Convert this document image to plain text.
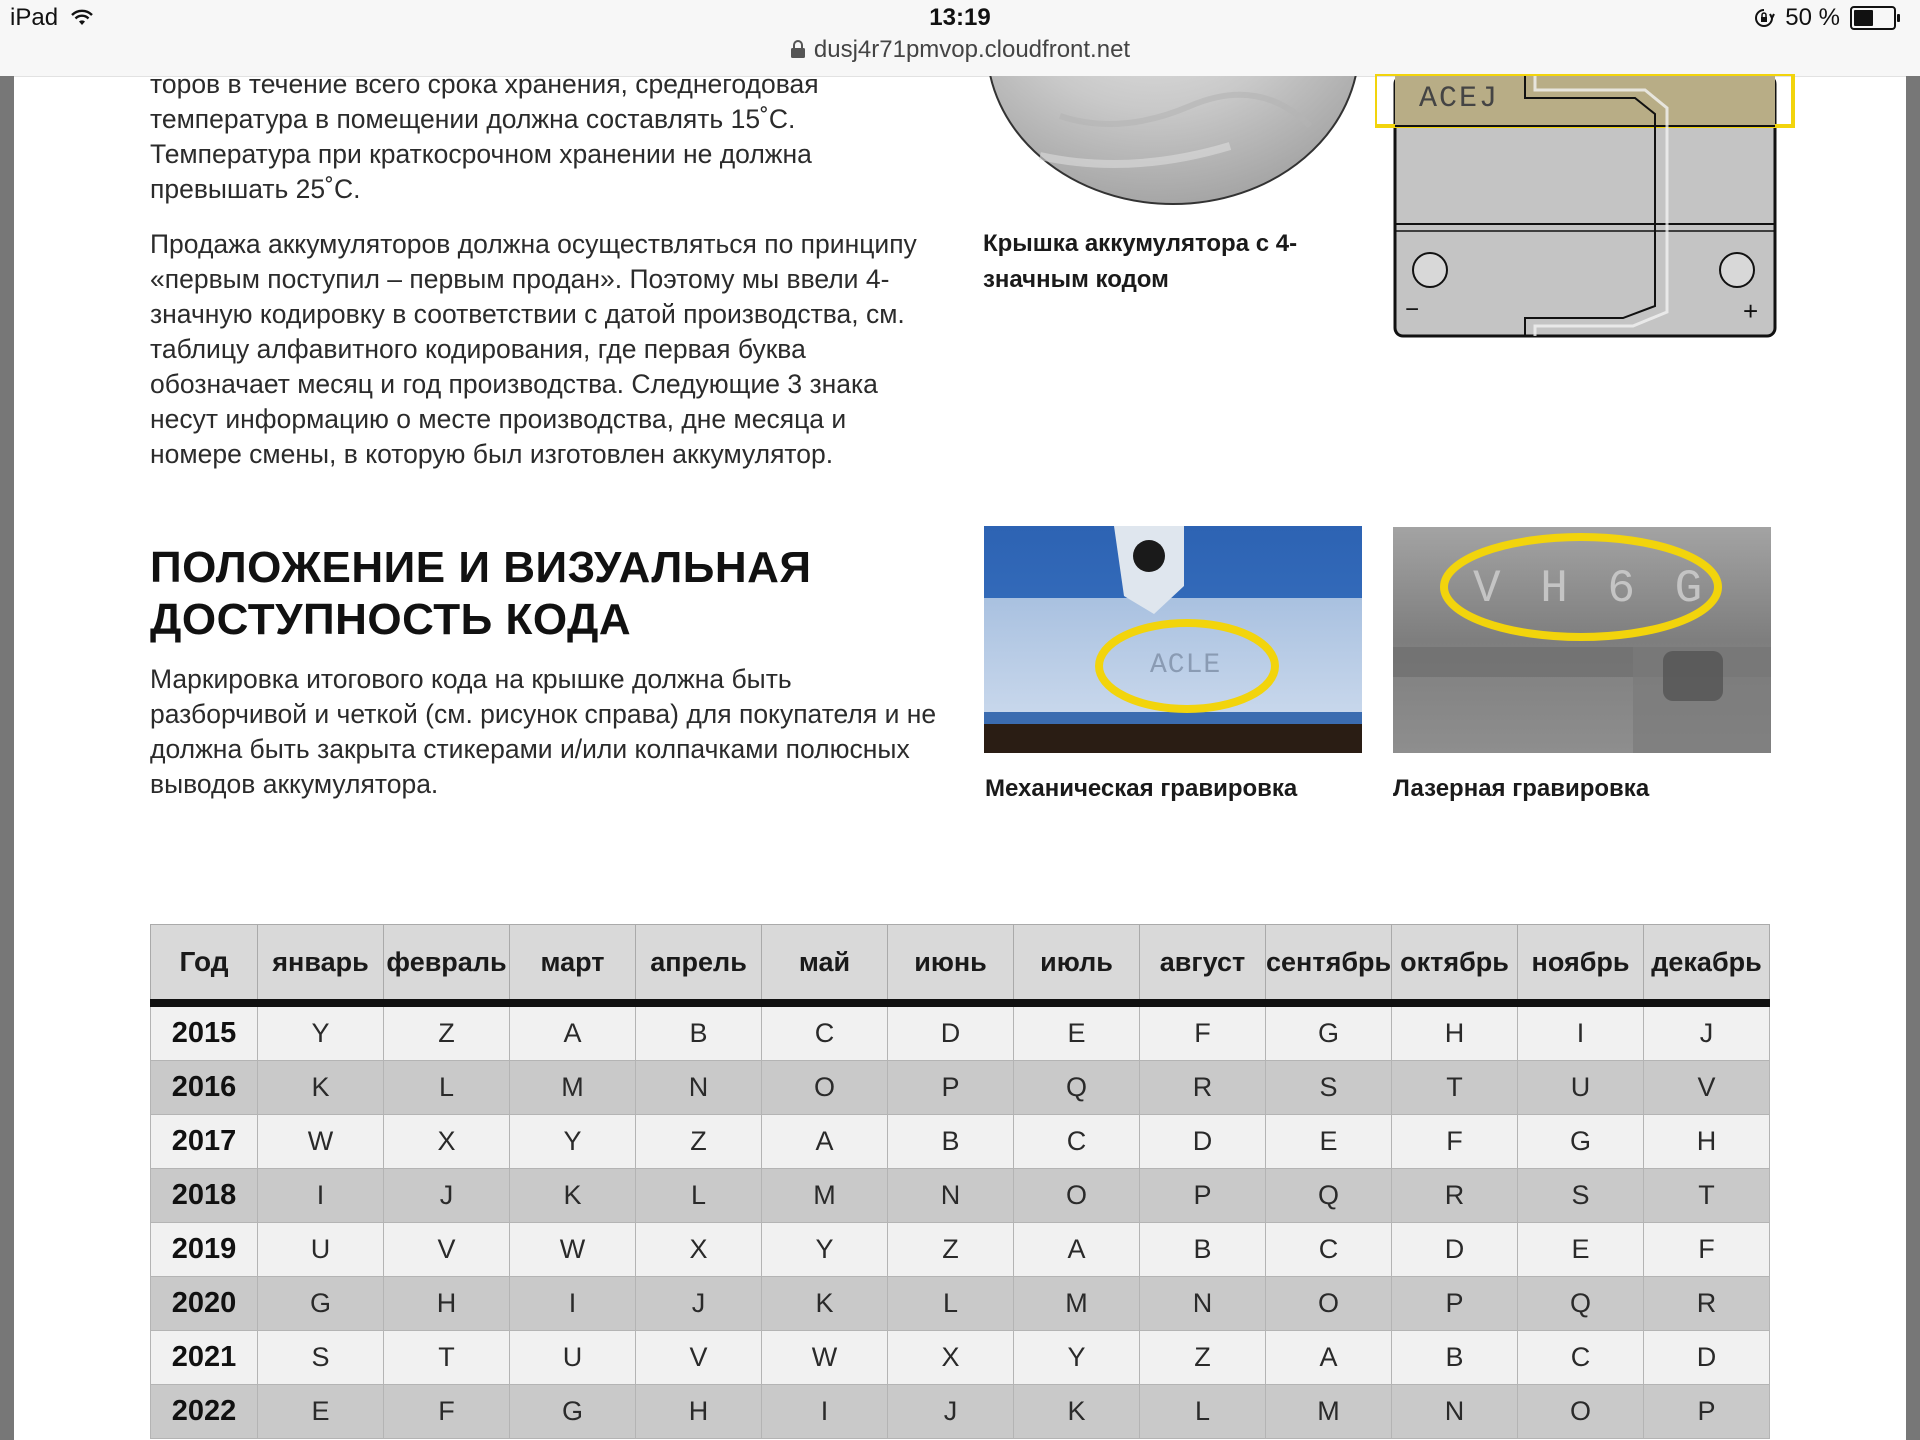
iPad	13:19	50 %
dusj4r71pmvop.cloudfront.net

торов в течение всего срока хранения, среднегодовая температура в помещении должна составлять 15˚С. Температура при краткосрочном хранении не должна превышать 25˚С.

Продажа аккумуляторов должна осуществляться по принципу «первым поступил – первым продан». Поэтому мы ввели 4-значную кодировку в соответствии с датой производства, см. таблицу алфавитного кодирования, где первая буква обозначает месяц и год производства. Следующие 3 знака несут информацию о месте производства, дне месяца и номере смены, в которую был изготовлен аккумулятор.

ПОЛОЖЕНИЕ И ВИЗУАЛЬНАЯ ДОСТУПНОСТЬ КОДА

Маркировка итогового кода на крышке должна быть разборчивой и четкой (см. рисунок справа) для покупателя и не должна быть закрыта стикерами и/или колпачками полюсных выводов аккумулятора.

ACEJ
−	+

Крышка аккумулятора с 4-значным кодом

ACLE

Механическая гравировка

V H 6 G

Лазерная гравировка

Год	январь	февраль	март	апрель	май	июнь	июль	август	сентябрь	октябрь	ноябрь	декабрь
2015	Y	Z	A	B	C	D	E	F	G	H	I	J
2016	K	L	M	N	O	P	Q	R	S	T	U	V
2017	W	X	Y	Z	A	B	C	D	E	F	G	H
2018	I	J	K	L	M	N	O	P	Q	R	S	T
2019	U	V	W	X	Y	Z	A	B	C	D	E	F
2020	G	H	I	J	K	L	M	N	O	P	Q	R
2021	S	T	U	V	W	X	Y	Z	A	B	C	D
2022	E	F	G	H	I	J	K	L	M	N	O	P
